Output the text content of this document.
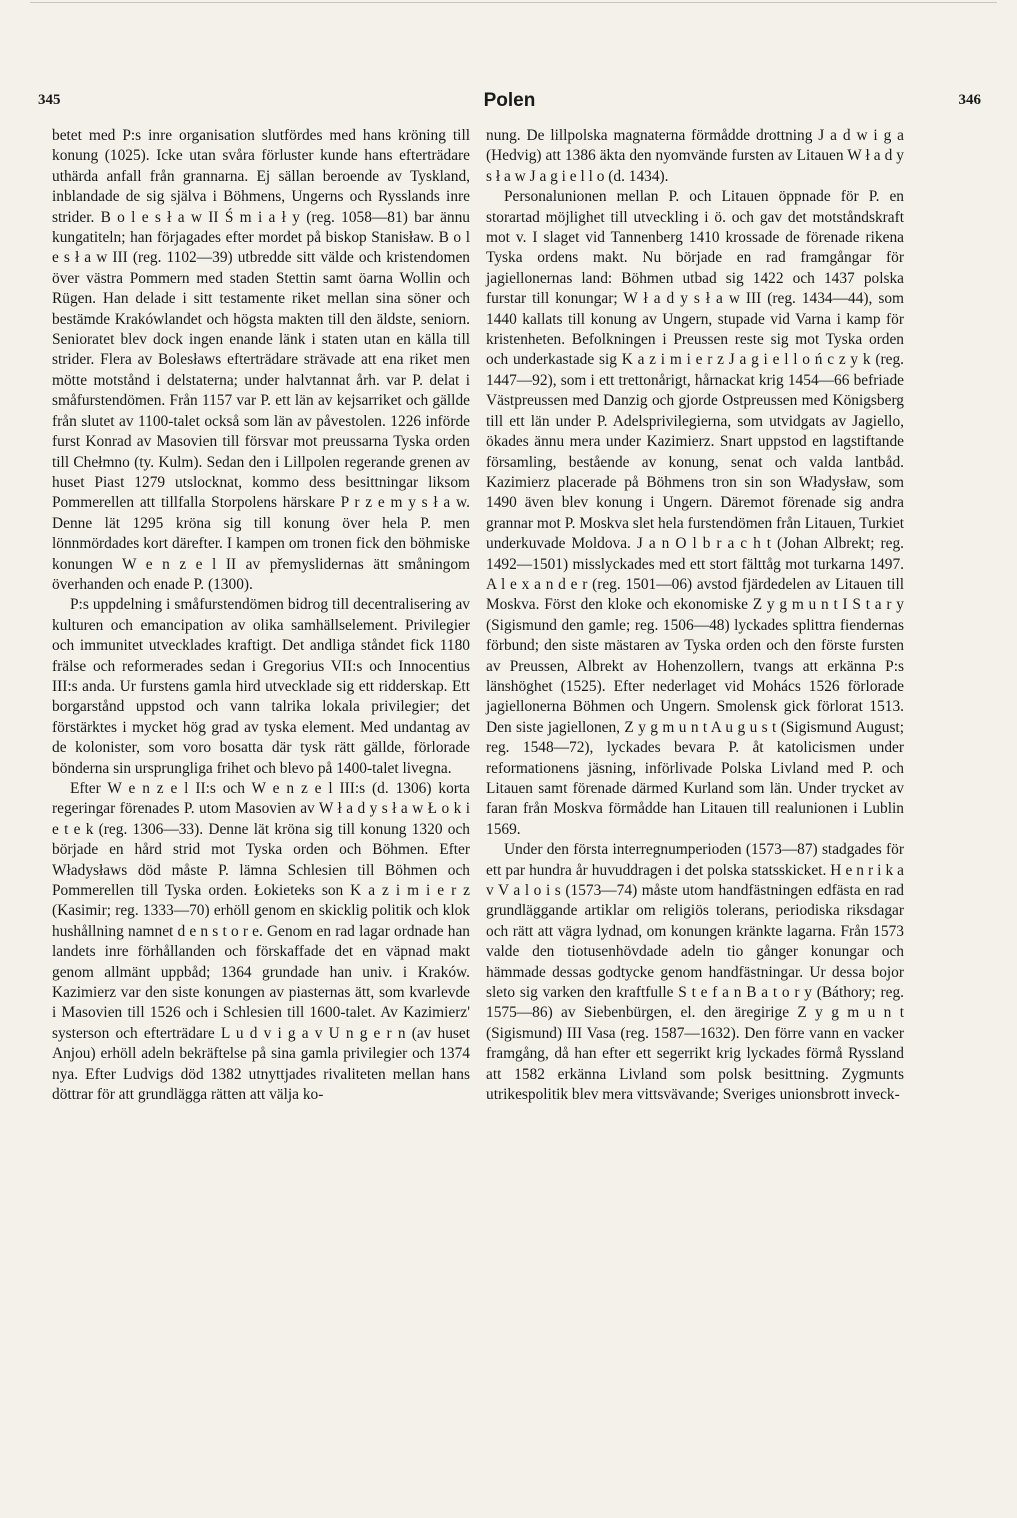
345	Polen	346

betet med P:s inre organisation slutfördes med hans kröning till konung (1025). Icke utan svåra förluster kunde hans efterträdare uthärda anfall från grannarna. Ej sällan beroende av Tyskland, inblandade de sig själva i Böhmens, Ungerns och Rysslands inre strider. B o l e s ł a w II Ś m i a ł y (reg. 1058—81) bar ännu kungatiteln; han förjagades efter mordet på biskop Stanisław. B o l e s ł a w III (reg. 1102—39) utbredde sitt välde och kristendomen över västra Pommern med staden Stettin samt öarna Wollin och Rügen. Han delade i sitt testamente riket mellan sina söner och bestämde Krakówlandet och högsta makten till den äldste, seniorn. Senioratet blev dock ingen enande länk i staten utan en källa till strider. Flera av Bolesławs efterträdare strävade att ena riket men mötte motstånd i delstaterna; under halvtannat årh. var P. delat i småfurstendömen. Från 1157 var P. ett län av kejsarriket och gällde från slutet av 1100-talet också som län av påvestolen. 1226 införde furst Konrad av Masovien till försvar mot preussarna Tyska orden till Chełmno (ty. Kulm). Sedan den i Lillpolen regerande grenen av huset Piast 1279 utslocknat, kommo dess besittningar liksom Pommerellen att tillfalla Storpolens härskare P r z e m y s ł a w. Denne lät 1295 kröna sig till konung över hela P. men lönnmördades kort därefter. I kampen om tronen fick den böhmiske konungen W e n z e l II av přemyslidernas ätt småningom överhanden och enade P. (1300).

P:s uppdelning i småfurstendömen bidrog till decentralisering av kulturen och emancipation av olika samhällselement. Privilegier och immunitet utvecklades kraftigt. Det andliga ståndet fick 1180 frälse och reformerades sedan i Gregorius VII:s och Innocentius III:s anda. Ur furstens gamla hird utvecklade sig ett ridderskap. Ett borgarstånd uppstod och vann talrika lokala privilegier; det förstärktes i mycket hög grad av tyska element. Med undantag av de kolonister, som voro bosatta där tysk rätt gällde, förlorade bönderna sin ursprungliga frihet och blevo på 1400-talet livegna.

Efter W e n z e l II:s och W e n z e l III:s (d. 1306) korta regeringar förenades P. utom Masovien av W ł a d y s ł a w Ł o k i e t e k (reg. 1306—33). Denne lät kröna sig till konung 1320 och började en hård strid mot Tyska orden och Böhmen. Efter Władysławs död måste P. lämna Schlesien till Böhmen och Pommerellen till Tyska orden. Łokieteks son K a z i m i e r z (Kasimir; reg. 1333—70) erhöll genom en skicklig politik och klok hushållning namnet d e n s t o r e. Genom en rad lagar ordnade han landets inre förhållanden och förskaffade det en väpnad makt genom allmänt uppbåd; 1364 grundade han univ. i Kraków. Kazimierz var den siste konungen av piasternas ätt, som kvarlevde i Masovien till 1526 och i Schlesien till 1600-talet. Av Kazimierz' systerson och efterträdare L u d v i g a v U n g e r n (av huset Anjou) erhöll adeln bekräftelse på sina gamla privilegier och 1374 nya. Efter Ludvigs död 1382 utnyttjades rivaliteten mellan hans döttrar för att grundlägga rätten att välja ko-

nung. De lillpolska magnaterna förmådde drottning J a d w i g a (Hedvig) att 1386 äkta den nyomvände fursten av Litauen W ł a d y s ł a w J a g i e l l o (d. 1434).

Personalunionen mellan P. och Litauen öppnade för P. en storartad möjlighet till utveckling i ö. och gav det motståndskraft mot v. I slaget vid Tannenberg 1410 krossade de förenade rikena Tyska ordens makt. Nu började en rad framgångar för jagiellonernas land: Böhmen utbad sig 1422 och 1437 polska furstar till konungar; W ł a d y s ł a w III (reg. 1434—44), som 1440 kallats till konung av Ungern, stupade vid Varna i kamp för kristenheten. Befolkningen i Preussen reste sig mot Tyska orden och underkastade sig K a z i m i e r z J a g i e l l o ń c z y k (reg. 1447—92), som i ett trettonårigt, hårnackat krig 1454—66 befriade Västpreussen med Danzig och gjorde Ostpreussen med Königsberg till ett län under P. Adelsprivilegierna, som utvidgats av Jagiello, ökades ännu mera under Kazimierz. Snart uppstod en lagstiftande församling, bestående av konung, senat och valda lantbåd. Kazimierz placerade på Böhmens tron sin son Władysław, som 1490 även blev konung i Ungern. Däremot förenade sig andra grannar mot P. Moskva slet hela furstendömen från Litauen, Turkiet underkuvade Moldova. J a n O l b r a c h t (Johan Albrekt; reg. 1492—1501) misslyckades med ett stort fälttåg mot turkarna 1497. A l e x a n d e r (reg. 1501—06) avstod fjärdedelen av Litauen till Moskva. Först den kloke och ekonomiske Z y g m u n t I S t a r y (Sigismund den gamle; reg. 1506—48) lyckades splittra fiendernas förbund; den siste mästaren av Tyska orden och den förste fursten av Preussen, Albrekt av Hohenzollern, tvangs att erkänna P:s länshöghet (1525). Efter nederlaget vid Mohács 1526 förlorade jagiellonerna Böhmen och Ungern. Smolensk gick förlorat 1513. Den siste jagiellonen, Z y g m u n t A u g u s t (Sigismund August; reg. 1548—72), lyckades bevara P. åt katolicismen under reformationens jäsning, införlivade Polska Livland med P. och Litauen samt förenade därmed Kurland som län. Under trycket av faran från Moskva förmådde han Litauen till realunionen i Lublin 1569.

Under den första interregnumperioden (1573—87) stadgades för ett par hundra år huvuddragen i det polska statsskicket. H e n r i k a v V a l o i s (1573—74) måste utom handfästningen edfästa en rad grundläggande artiklar om religiös tolerans, periodiska riksdagar och rätt att vägra lydnad, om konungen kränkte lagarna. Från 1573 valde den tiotusenhövdade adeln tio gånger konungar och hämmade dessas godtycke genom handfästningar. Ur dessa bojor sleto sig varken den kraftfulle S t e f a n B a t o r y (Báthory; reg. 1575—86) av Siebenbürgen, el. den äregirige Z y g m u n t (Sigismund) III Vasa (reg. 1587—1632). Den förre vann en vacker framgång, då han efter ett segerrikt krig lyckades förmå Ryssland att 1582 erkänna Livland som polsk besittning. Zygmunts utrikespolitik blev mera vittsvävande; Sveriges unionsbrott inveck-
